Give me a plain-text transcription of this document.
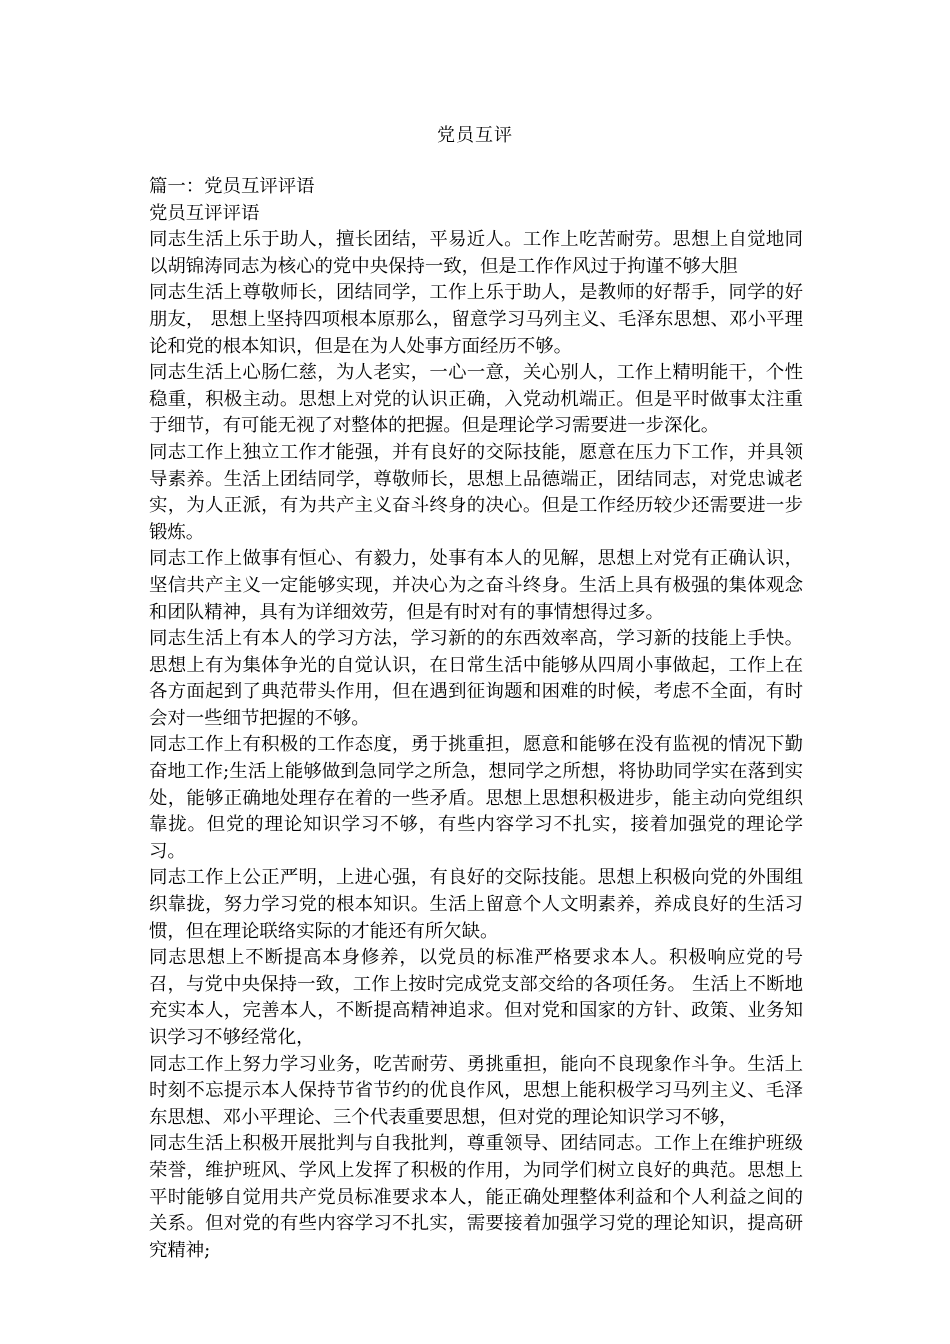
党员互评

篇一：党员互评评语

党员互评评语

同志生活上乐于助人，擅长团结，平易近人。工作上吃苦耐劳。思想上自觉地同以胡锦涛同志为核心的党中央保持一致，但是工作作风过于拘谨不够大胆

同志生活上尊敬师长，团结同学，工作上乐于助人，是教师的好帮手，同学的好朋友， 思想上坚持四项根本原那么，留意学习马列主义、毛泽东思想、邓小平理论和党的根本知识，但是在为人处事方面经历不够。

同志生活上心肠仁慈，为人老实，一心一意，关心别人，工作上精明能干，个性稳重，积极主动。思想上对党的认识正确，入党动机端正。但是平时做事太注重于细节，有可能无视了对整体的把握。但是理论学习需要进一步深化。

同志工作上独立工作才能强，并有良好的交际技能，愿意在压力下工作，并具领导素养。生活上团结同学，尊敬师长，思想上品德端正，团结同志，对党忠诚老实，为人正派，有为共产主义奋斗终身的决心。但是工作经历较少还需要进一步锻炼。

同志工作上做事有恒心、有毅力，处事有本人的见解，思想上对党有正确认识，坚信共产主义一定能够实现，并决心为之奋斗终身。生活上具有极强的集体观念和团队精神，具有为详细效劳，但是有时对有的事情想得过多。

同志生活上有本人的学习方法，学习新的的东西效率高，学习新的技能上手快。思想上有为集体争光的自觉认识，在日常生活中能够从四周小事做起，工作上在各方面起到了典范带头作用，但在遇到征询题和困难的时候，考虑不全面，有时会对一些细节把握的不够。

同志工作上有积极的工作态度，勇于挑重担，愿意和能够在没有监视的情况下勤奋地工作;生活上能够做到急同学之所急，想同学之所想，将协助同学实在落到实处，能够正确地处理存在着的一些矛盾。思想上思想积极进步，能主动向党组织靠拢。但党的理论知识学习不够，有些内容学习不扎实，接着加强党的理论学习。

同志工作上公正严明，上进心强，有良好的交际技能。思想上积极向党的外围组织靠拢，努力学习党的根本知识。生活上留意个人文明素养，养成良好的生活习惯，但在理论联络实际的才能还有所欠缺。

同志思想上不断提高本身修养，以党员的标准严格要求本人。积极响应党的号召，与党中央保持一致，工作上按时完成党支部交给的各项任务。 生活上不断地充实本人，完善本人，不断提高精神追求。但对党和国家的方针、政策、业务知识学习不够经常化，

同志工作上努力学习业务，吃苦耐劳、勇挑重担，能向不良现象作斗争。生活上时刻不忘提示本人保持节省节约的优良作风，思想上能积极学习马列主义、毛泽东思想、邓小平理论、三个代表重要思想，但对党的理论知识学习不够，

同志生活上积极开展批判与自我批判，尊重领导、团结同志。工作上在维护班级荣誉，维护班风、学风上发挥了积极的作用，为同学们树立良好的典范。思想上平时能够自觉用共产党员标准要求本人，能正确处理整体利益和个人利益之间的关系。但对党的有些内容学习不扎实，需要接着加强学习党的理论知识，提高研究精神;
